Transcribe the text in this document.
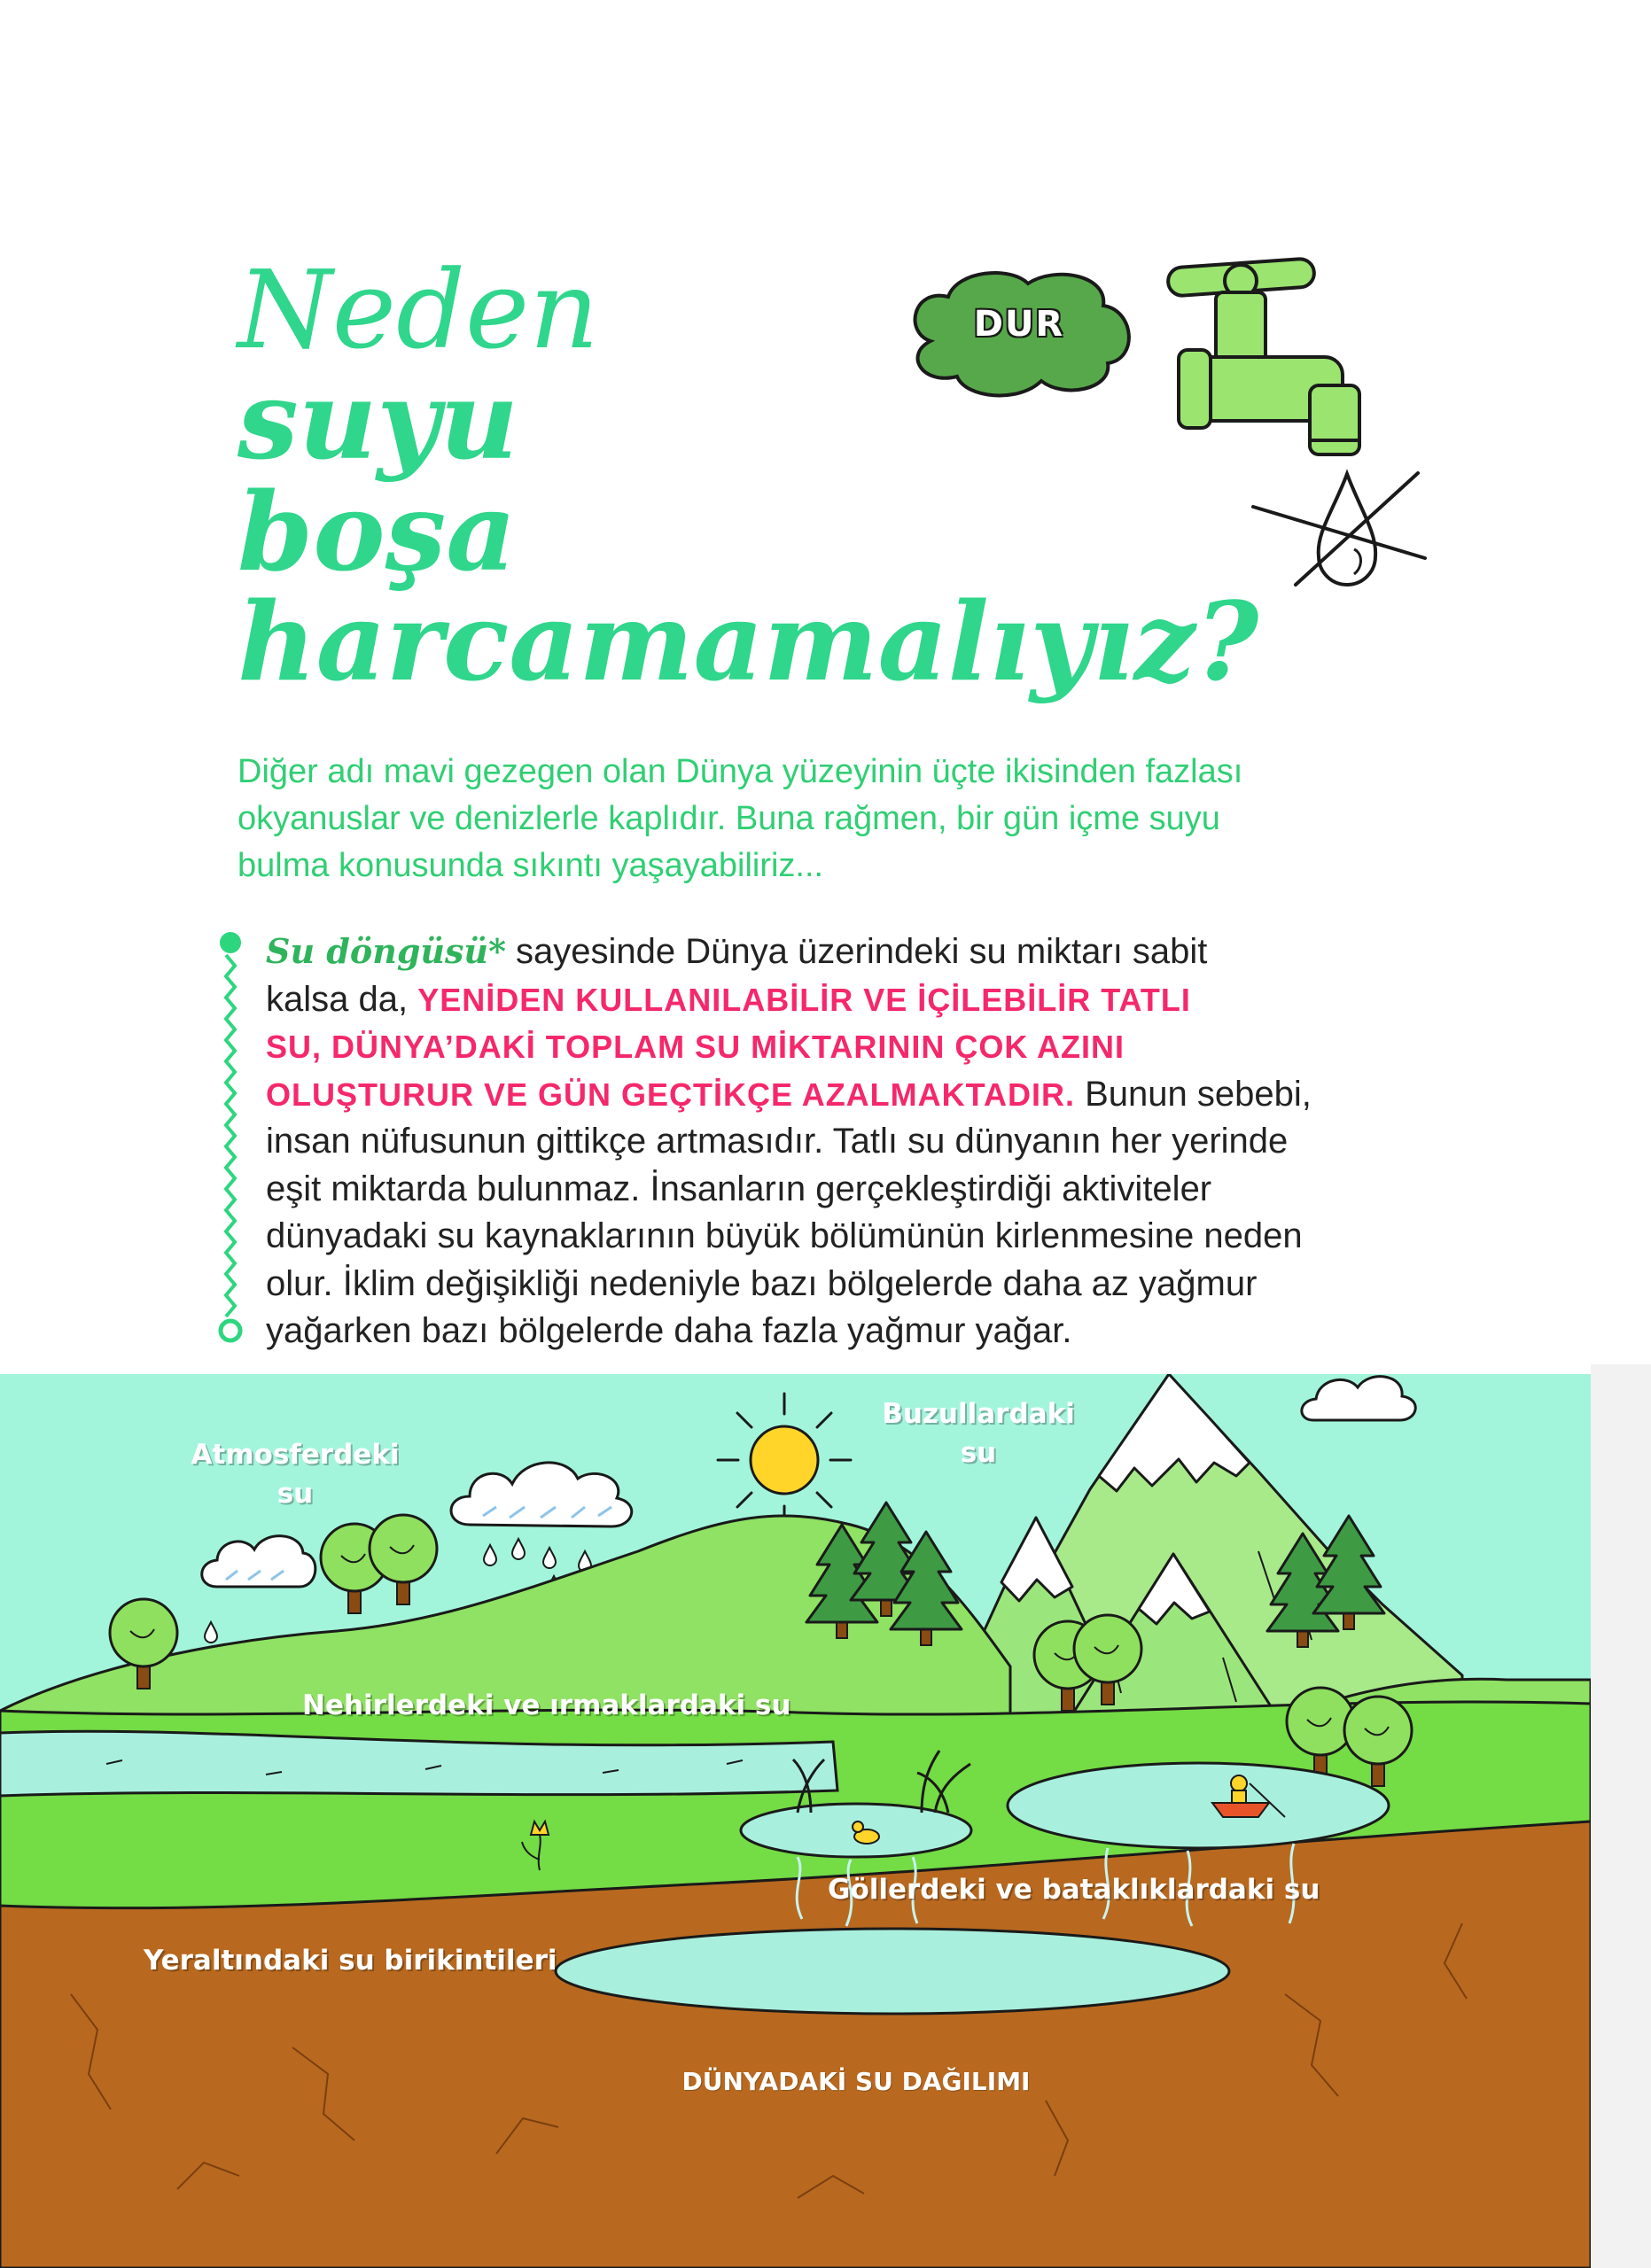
Neden
suyu
boşa
harcamamalıyız?
DUR
Diğer adı mavi gezegen olan Dünya yüzeyinin üçte ikisinden fazlası
okyanuslar ve denizlerle kaplıdır. Buna rağmen, bir gün içme suyu
bulma konusunda sıkıntı yaşayabiliriz...
Su döngüsü* sayesinde Dünya üzerindeki su miktarı sabit
kalsa da, YENİDEN KULLANILABİLİR VE İÇİLEBİLİR TATLI
SU, DÜNYA’DAKİ TOPLAM SU MİKTARININ ÇOK AZINI
OLUŞTURUR VE GÜN GEÇTİKÇE AZALMAKTADIR. Bunun sebebi,
insan nüfusunun gittikçe artmasıdır. Tatlı su dünyanın her yerinde
eşit miktarda bulunmaz. İnsanların gerçekleştirdiği aktiviteler
dünyadaki su kaynaklarının büyük bölümünün kirlenmesine neden
olur. İklim değişikliği nedeniyle bazı bölgelerde daha az yağmur
yağarken bazı bölgelerde daha fazla yağmur yağar.
Atmosferdeki
su
Buzullardaki
su
Nehirlerdeki ve ırmaklardaki su
Göllerdeki ve bataklıklardaki su
Yeraltındaki su birikintileri
DÜNYADAKİ SU DAĞILIMI
